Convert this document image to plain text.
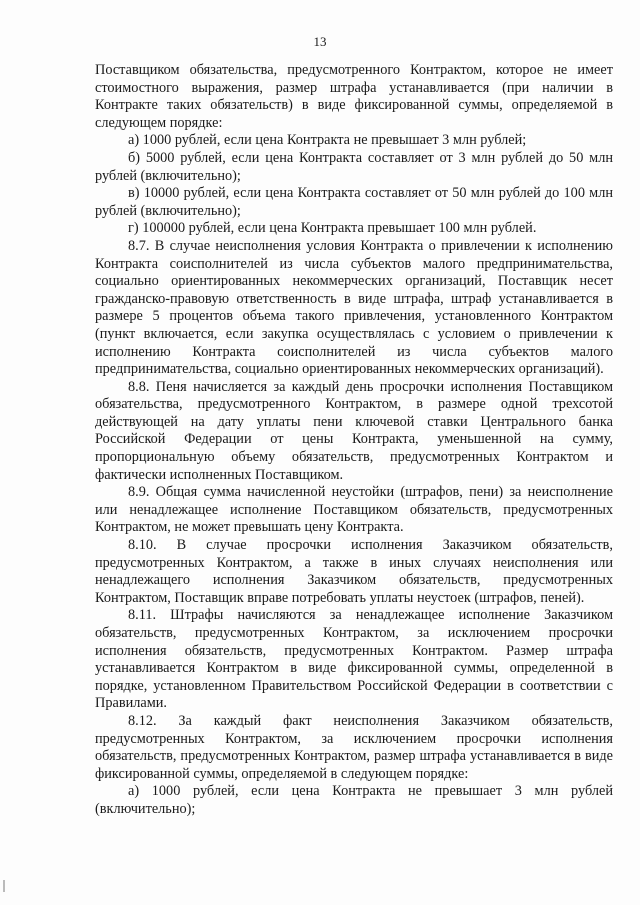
13

Поставщиком обязательства, предусмотренного Контрактом, которое не имеет стоимостного выражения, размер штрафа устанавливается (при наличии в Контракте таких обязательств) в виде фиксированной суммы, определяемой в следующем порядке:

а) 1000 рублей, если цена Контракта не превышает 3 млн рублей;

б) 5000 рублей, если цена Контракта составляет от 3 млн рублей до 50 млн рублей (включительно);

в) 10000 рублей, если цена Контракта составляет от 50 млн рублей до 100 млн рублей (включительно);

г) 100000 рублей, если цена Контракта превышает 100 млн рублей.

8.7. В случае неисполнения условия Контракта о привлечении к исполнению Контракта соисполнителей из числа субъектов малого предпринимательства, социально ориентированных некоммерческих организаций, Поставщик несет гражданско-правовую ответственность в виде штрафа, штраф устанавливается в размере 5 процентов объема такого привлечения, установленного Контрактом (пункт включается, если закупка осуществлялась с условием о привлечении к исполнению Контракта соисполнителей из числа субъектов малого предпринимательства, социально ориентированных некоммерческих организаций).

8.8. Пеня начисляется за каждый день просрочки исполнения Поставщиком обязательства, предусмотренного Контрактом, в размере одной трехсотой действующей на дату уплаты пени ключевой ставки Центрального банка Российской Федерации от цены Контракта, уменьшенной на сумму, пропорциональную объему обязательств, предусмотренных Контрактом и фактически исполненных Поставщиком.

8.9. Общая сумма начисленной неустойки (штрафов, пени) за неисполнение или ненадлежащее исполнение Поставщиком обязательств, предусмотренных Контрактом, не может превышать цену Контракта.

8.10. В случае просрочки исполнения Заказчиком обязательств, предусмотренных Контрактом, а также в иных случаях неисполнения или ненадлежащего исполнения Заказчиком обязательств, предусмотренных Контрактом, Поставщик вправе потребовать уплаты неустоек (штрафов, пеней).

8.11. Штрафы начисляются за ненадлежащее исполнение Заказчиком обязательств, предусмотренных Контрактом, за исключением просрочки исполнения обязательств, предусмотренных Контрактом. Размер штрафа устанавливается Контрактом в виде фиксированной суммы, определенной в порядке, установленном Правительством Российской Федерации в соответствии с Правилами.

8.12. За каждый факт неисполнения Заказчиком обязательств, предусмотренных Контрактом, за исключением просрочки исполнения обязательств, предусмотренных Контрактом, размер штрафа устанавливается в виде фиксированной суммы, определяемой в следующем порядке:

а) 1000 рублей, если цена Контракта не превышает 3 млн рублей (включительно);
